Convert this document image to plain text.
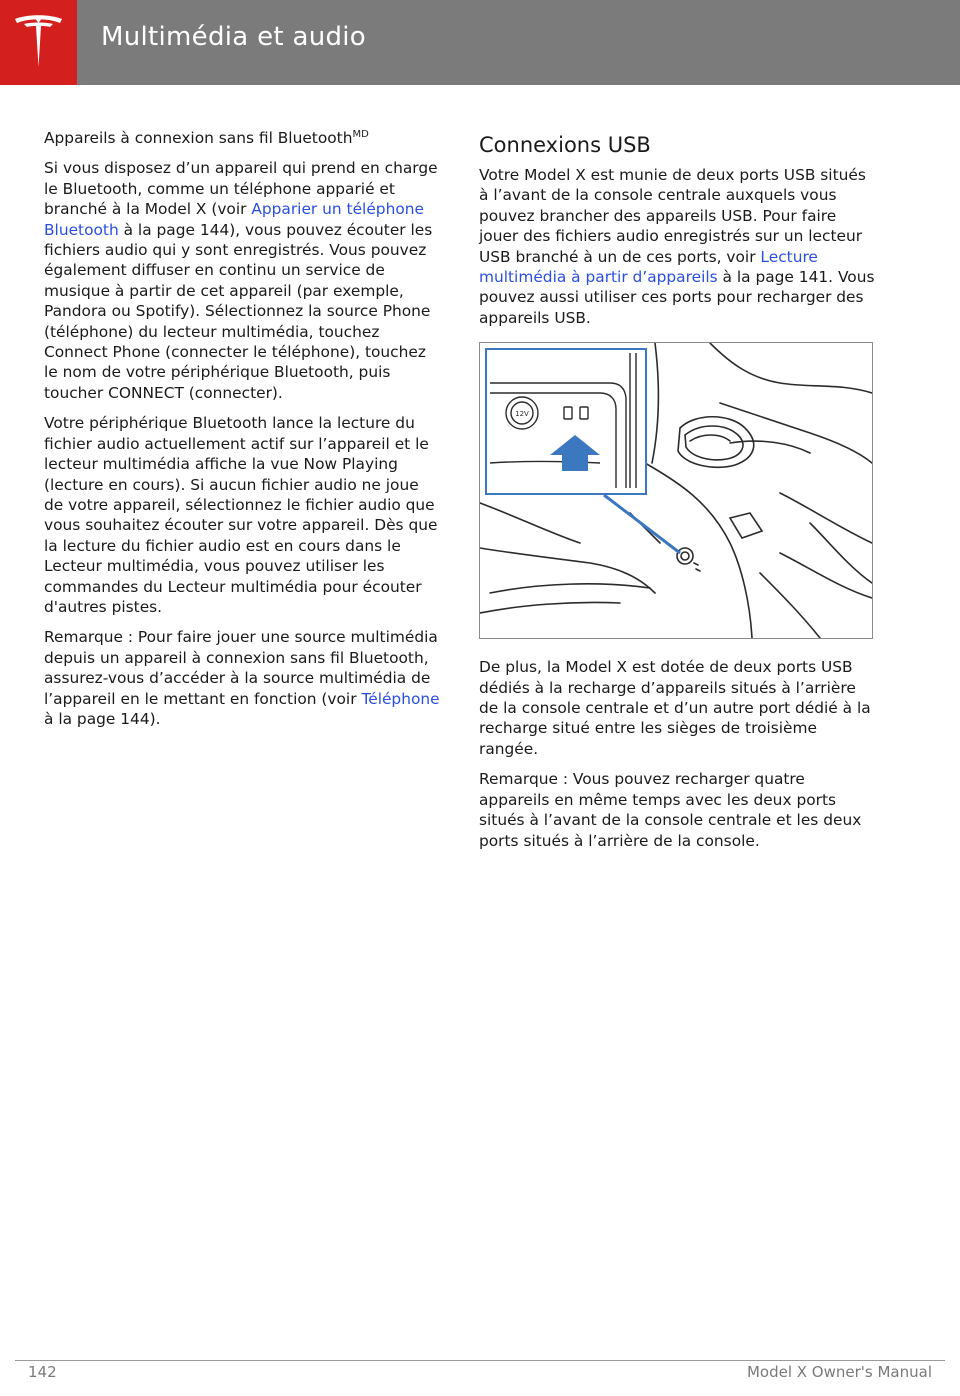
Multimédia et audio

Appareils à connexion sans fil Bluetooth$^{MD}$

Si vous disposez d’un appareil qui prend en charge le Bluetooth, comme un téléphone apparié et branché à la Model X (voir Apparier un téléphone Bluetooth à la page 144), vous pouvez écouter les fichiers audio qui y sont enregistrés. Vous pouvez également diffuser en continu un service de musique à partir de cet appareil (par exemple, Pandora ou Spotify). Sélectionnez la source Phone (téléphone) du lecteur multimédia, touchez Connect Phone (connecter le téléphone), touchez le nom de votre périphérique Bluetooth, puis toucher CONNECT (connecter).

Votre périphérique Bluetooth lance la lecture du fichier audio actuellement actif sur l’appareil et le lecteur multimédia affiche la vue Now Playing (lecture en cours). Si aucun fichier audio ne joue de votre appareil, sélectionnez le fichier audio que vous souhaitez écouter sur votre appareil. Dès que la lecture du fichier audio est en cours dans le Lecteur multimédia, vous pouvez utiliser les commandes du Lecteur multimédia pour écouter d'autres pistes.

Remarque : Pour faire jouer une source multimédia depuis un appareil à connexion sans fil Bluetooth, assurez-vous d’accéder à la source multimédia de l’appareil en le mettant en fonction (voir Téléphone à la page 144).

Connexions USB

Votre Model X est munie de deux ports USB situés à l’avant de la console centrale auxquels vous pouvez brancher des appareils USB. Pour faire jouer des fichiers audio enregistrés sur un lecteur USB branché à un de ces ports, voir Lecture multimédia à partir d’appareils à la page 141. Vous pouvez aussi utiliser ces ports pour recharger des appareils USB.

12V

De plus, la Model X est dotée de deux ports USB dédiés à la recharge d’appareils situés à l’arrière de la console centrale et d’un autre port dédié à la recharge situé entre les sièges de troisième rangée.

Remarque : Vous pouvez recharger quatre appareils en même temps avec les deux ports situés à l’avant de la console centrale et les deux ports situés à l’arrière de la console.

142	Model X Owner's Manual
